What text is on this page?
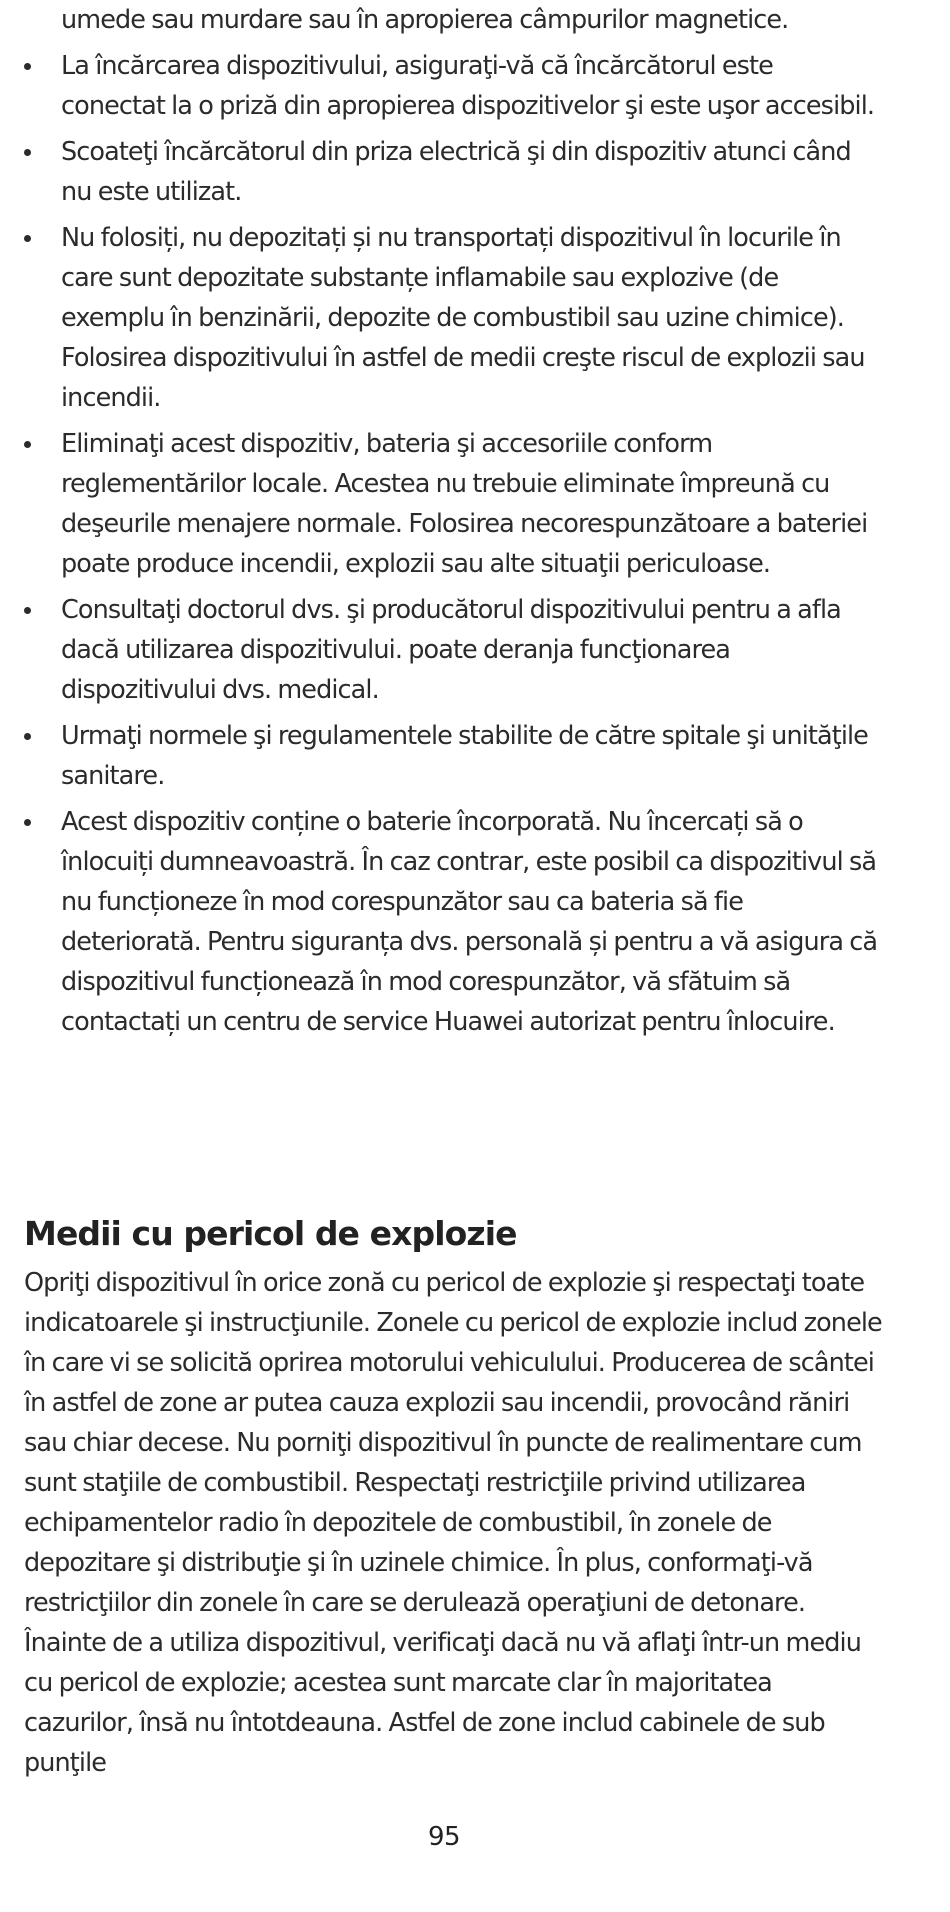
umede sau murdare sau în apropierea câmpurilor magnetice.
La încărcarea dispozitivului, asiguraţi-vă că încărcătorul este conectat la o priză din apropierea dispozitivelor şi este uşor accesibil.
Scoateţi încărcătorul din priza electrică şi din dispozitiv atunci când nu este utilizat.
Nu folosiți, nu depozitați și nu transportați dispozitivul în locurile în care sunt depozitate substanțe inflamabile sau explozive (de exemplu în benzinării, depozite de combustibil sau uzine chimice). Folosirea dispozitivului în astfel de medii creşte riscul de explozii sau incendii.
Eliminaţi acest dispozitiv, bateria şi accesoriile conform reglementărilor locale. Acestea nu trebuie eliminate împreună cu deşeurile menajere normale. Folosirea necorespunzătoare a bateriei poate produce incendii, explozii sau alte situaţii periculoase.
Consultaţi doctorul dvs. şi producătorul dispozitivului pentru a afla dacă utilizarea dispozitivului. poate deranja funcţionarea dispozitivului dvs. medical.
Urmaţi normele şi regulamentele stabilite de către spitale şi unităţile sanitare.
Acest dispozitiv conține o baterie încorporată. Nu încercați să o înlocuiți dumneavoastră. În caz contrar, este posibil ca dispozitivul să nu funcționeze în mod corespunzător sau ca bateria să fie deteriorată. Pentru siguranța dvs. personală și pentru a vă asigura că dispozitivul funcționează în mod corespunzător, vă sfătuim să contactați un centru de service Huawei autorizat pentru înlocuire.
Medii cu pericol de explozie

Opriţi dispozitivul în orice zonă cu pericol de explozie şi respectaţi toate indicatoarele şi instrucţiunile. Zonele cu pericol de explozie includ zonele în care vi se solicită oprirea motorului vehiculului. Producerea de scântei în astfel de zone ar putea cauza explozii sau incendii, provocând răniri sau chiar decese. Nu porniţi dispozitivul în puncte de realimentare cum sunt staţiile de combustibil. Respectaţi restricţiile privind utilizarea echipamentelor radio în depozitele de combustibil, în zonele de depozitare şi distribuţie şi în uzinele chimice. În plus, conformaţi-vă restricţiilor din zonele în care se derulează operaţiuni de detonare. Înainte de a utiliza dispozitivul, verificaţi dacă nu vă aflaţi într-un mediu cu pericol de explozie; acestea sunt marcate clar în majoritatea cazurilor, însă nu întotdeauna. Astfel de zone includ cabinele de sub punţile

95
